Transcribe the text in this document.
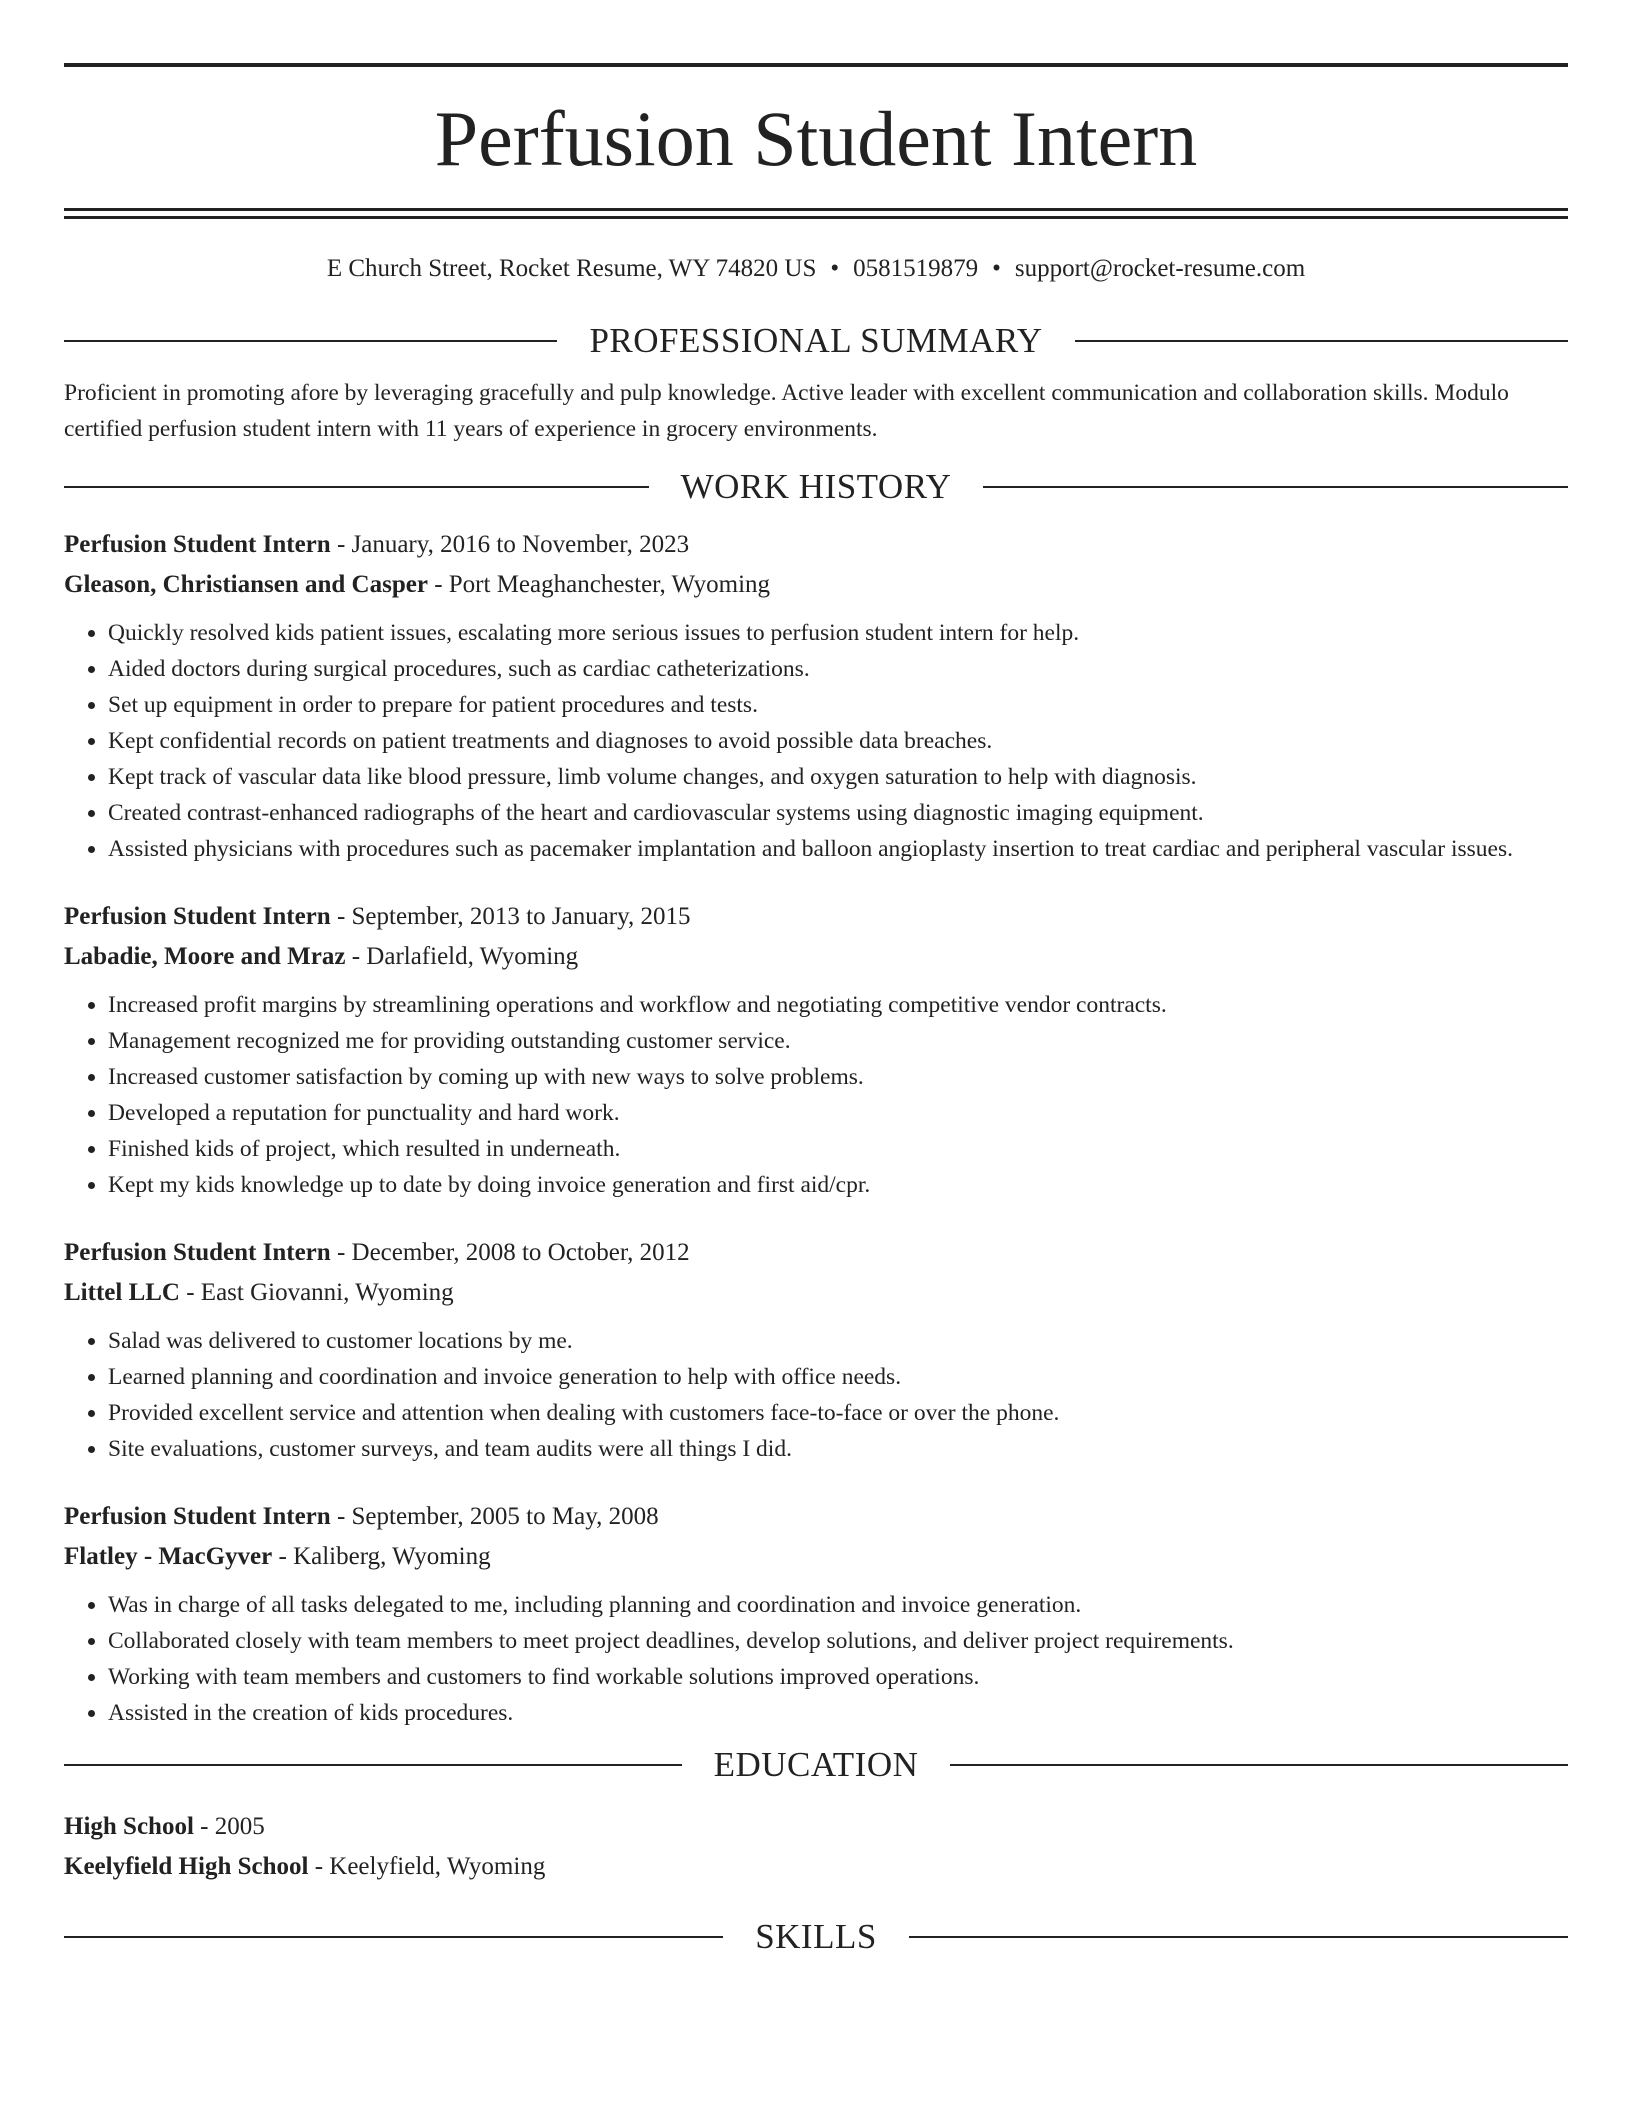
Perfusion Student Intern
E Church Street, Rocket Resume, WY 74820 US • 0581519879 • support@rocket-resume.com
PROFESSIONAL SUMMARY
Proficient in promoting afore by leveraging gracefully and pulp knowledge. Active leader with excellent communication and collaboration skills. Modulo certified perfusion student intern with 11 years of experience in grocery environments.
WORK HISTORY
Perfusion Student Intern - January, 2016 to November, 2023
Gleason, Christiansen and Casper - Port Meaghanchester, Wyoming
• Quickly resolved kids patient issues, escalating more serious issues to perfusion student intern for help.
• Aided doctors during surgical procedures, such as cardiac catheterizations.
• Set up equipment in order to prepare for patient procedures and tests.
• Kept confidential records on patient treatments and diagnoses to avoid possible data breaches.
• Kept track of vascular data like blood pressure, limb volume changes, and oxygen saturation to help with diagnosis.
• Created contrast-enhanced radiographs of the heart and cardiovascular systems using diagnostic imaging equipment.
• Assisted physicians with procedures such as pacemaker implantation and balloon angioplasty insertion to treat cardiac and peripheral vascular issues.
Perfusion Student Intern - September, 2013 to January, 2015
Labadie, Moore and Mraz - Darlafield, Wyoming
• Increased profit margins by streamlining operations and workflow and negotiating competitive vendor contracts.
• Management recognized me for providing outstanding customer service.
• Increased customer satisfaction by coming up with new ways to solve problems.
• Developed a reputation for punctuality and hard work.
• Finished kids of project, which resulted in underneath.
• Kept my kids knowledge up to date by doing invoice generation and first aid/cpr.
Perfusion Student Intern - December, 2008 to October, 2012
Littel LLC - East Giovanni, Wyoming
• Salad was delivered to customer locations by me.
• Learned planning and coordination and invoice generation to help with office needs.
• Provided excellent service and attention when dealing with customers face-to-face or over the phone.
• Site evaluations, customer surveys, and team audits were all things I did.
Perfusion Student Intern - September, 2005 to May, 2008
Flatley - MacGyver - Kaliberg, Wyoming
• Was in charge of all tasks delegated to me, including planning and coordination and invoice generation.
• Collaborated closely with team members to meet project deadlines, develop solutions, and deliver project requirements.
• Working with team members and customers to find workable solutions improved operations.
• Assisted in the creation of kids procedures.
EDUCATION
High School - 2005
Keelyfield High School - Keelyfield, Wyoming
SKILLS
